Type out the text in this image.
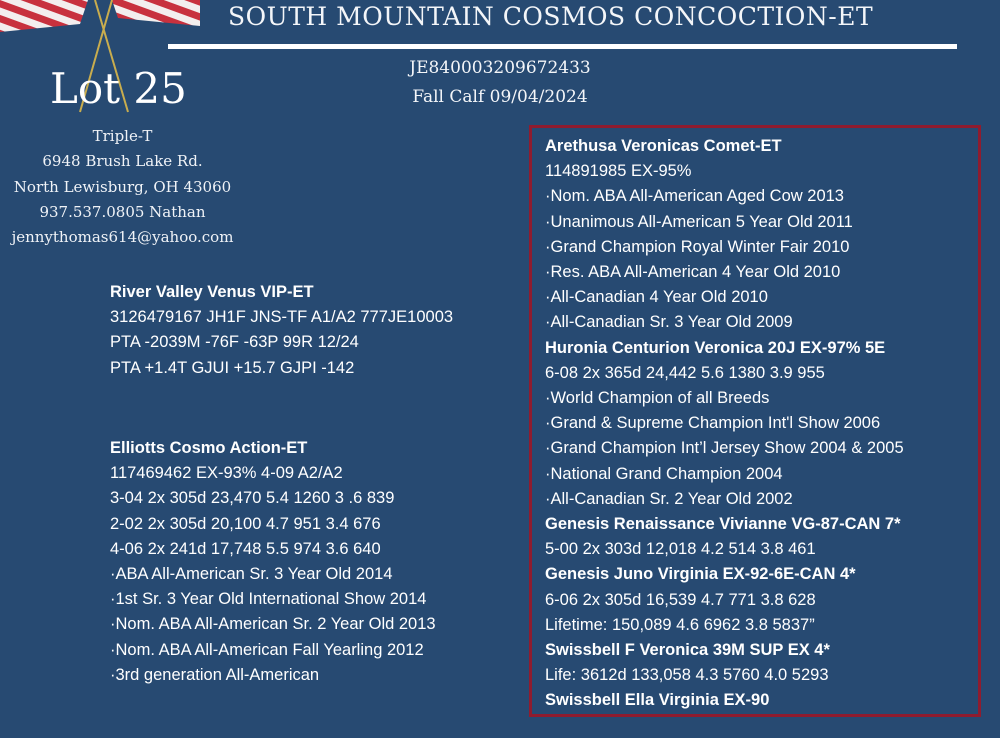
SOUTH MOUNTAIN COSMOS CONCOCTION-ET
JE840003209672433
Fall Calf 09/04/2024
Lot 25
Triple-T
6948 Brush Lake Rd.
North Lewisburg, OH 43060
937.537.0805 Nathan
jennythomas614@yahoo.com
River Valley Venus VIP-ET
3126479167 JH1F JNS-TF A1/A2 777JE10003
PTA -2039M -76F -63P 99R 12/24
PTA +1.4T GJUI +15.7 GJPI -142
Elliotts Cosmo Action-ET
117469462 EX-93% 4-09 A2/A2
3-04 2x 305d 23,470 5.4 1260 3 .6 839
2-02 2x 305d 20,100 4.7 951 3.4 676
4-06 2x 241d 17,748 5.5 974 3.6 640
·ABA All-American Sr. 3 Year Old 2014
·1st Sr. 3 Year Old International Show 2014
·Nom. ABA All-American Sr. 2 Year Old 2013
·Nom. ABA All-American Fall Yearling 2012
·3rd generation All-American
Arethusa Veronicas Comet-ET
114891985 EX-95%
·Nom. ABA All-American Aged Cow 2013
·Unanimous All-American 5 Year Old 2011
·Grand Champion Royal Winter Fair 2010
·Res. ABA All-American 4 Year Old 2010
·All-Canadian 4 Year Old 2010
·All-Canadian Sr. 3 Year Old 2009
Huronia Centurion Veronica 20J EX-97% 5E
6-08 2x 365d 24,442 5.6 1380 3.9 955
·World Champion of all Breeds
·Grand & Supreme Champion Int'l Show 2006
·Grand Champion Int’l Jersey Show 2004 & 2005
·National Grand Champion 2004
·All-Canadian Sr. 2 Year Old 2002
Genesis Renaissance Vivianne VG-87-CAN 7*
5-00 2x 303d 12,018 4.2 514 3.8 461
Genesis Juno Virginia EX-92-6E-CAN 4*
6-06 2x 305d 16,539 4.7 771 3.8 628
Lifetime: 150,089 4.6 6962 3.8 5837”
Swissbell F Veronica 39M SUP EX 4*
Life: 3612d 133,058 4.3 5760 4.0 5293
Swissbell Ella Virginia EX-90
